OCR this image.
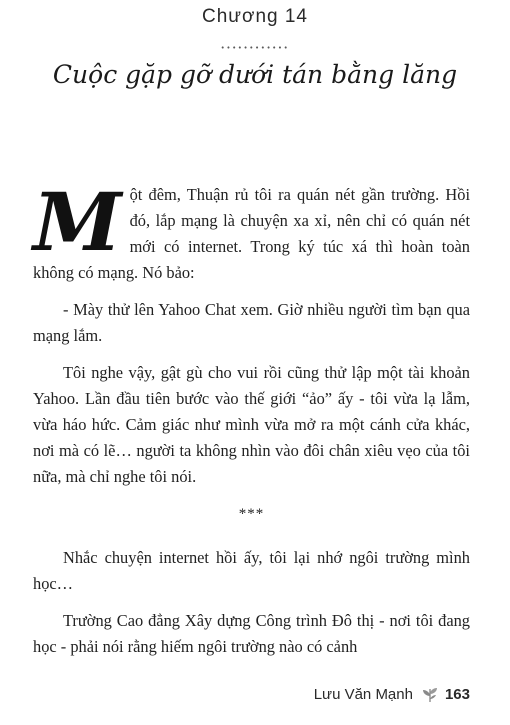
Chương 14
••••••••••••
Cuộc gặp gỡ dưới tán bằng lăng

Một đêm, Thuận rủ tôi ra quán nét gần trường. Hồi đó, lắp mạng là chuyện xa xỉ, nên chỉ có quán nét mới có internet. Trong ký túc xá thì hoàn toàn không có mạng. Nó bảo:

- Mày thử lên Yahoo Chat xem. Giờ nhiều người tìm bạn qua mạng lắm.

Tôi nghe vậy, gật gù cho vui rồi cũng thử lập một tài khoản Yahoo. Lần đầu tiên bước vào thế giới “ảo” ấy - tôi vừa lạ lẫm, vừa háo hức. Cảm giác như mình vừa mở ra một cánh cửa khác, nơi mà có lẽ… người ta không nhìn vào đôi chân xiêu vẹo của tôi nữa, mà chỉ nghe tôi nói.

***

Nhắc chuyện internet hồi ấy, tôi lại nhớ ngôi trường mình học…

Trường Cao đẳng Xây dựng Công trình Đô thị - nơi tôi đang học - phải nói rằng hiếm ngôi trường nào có cảnh

Lưu Văn Mạnh 163
